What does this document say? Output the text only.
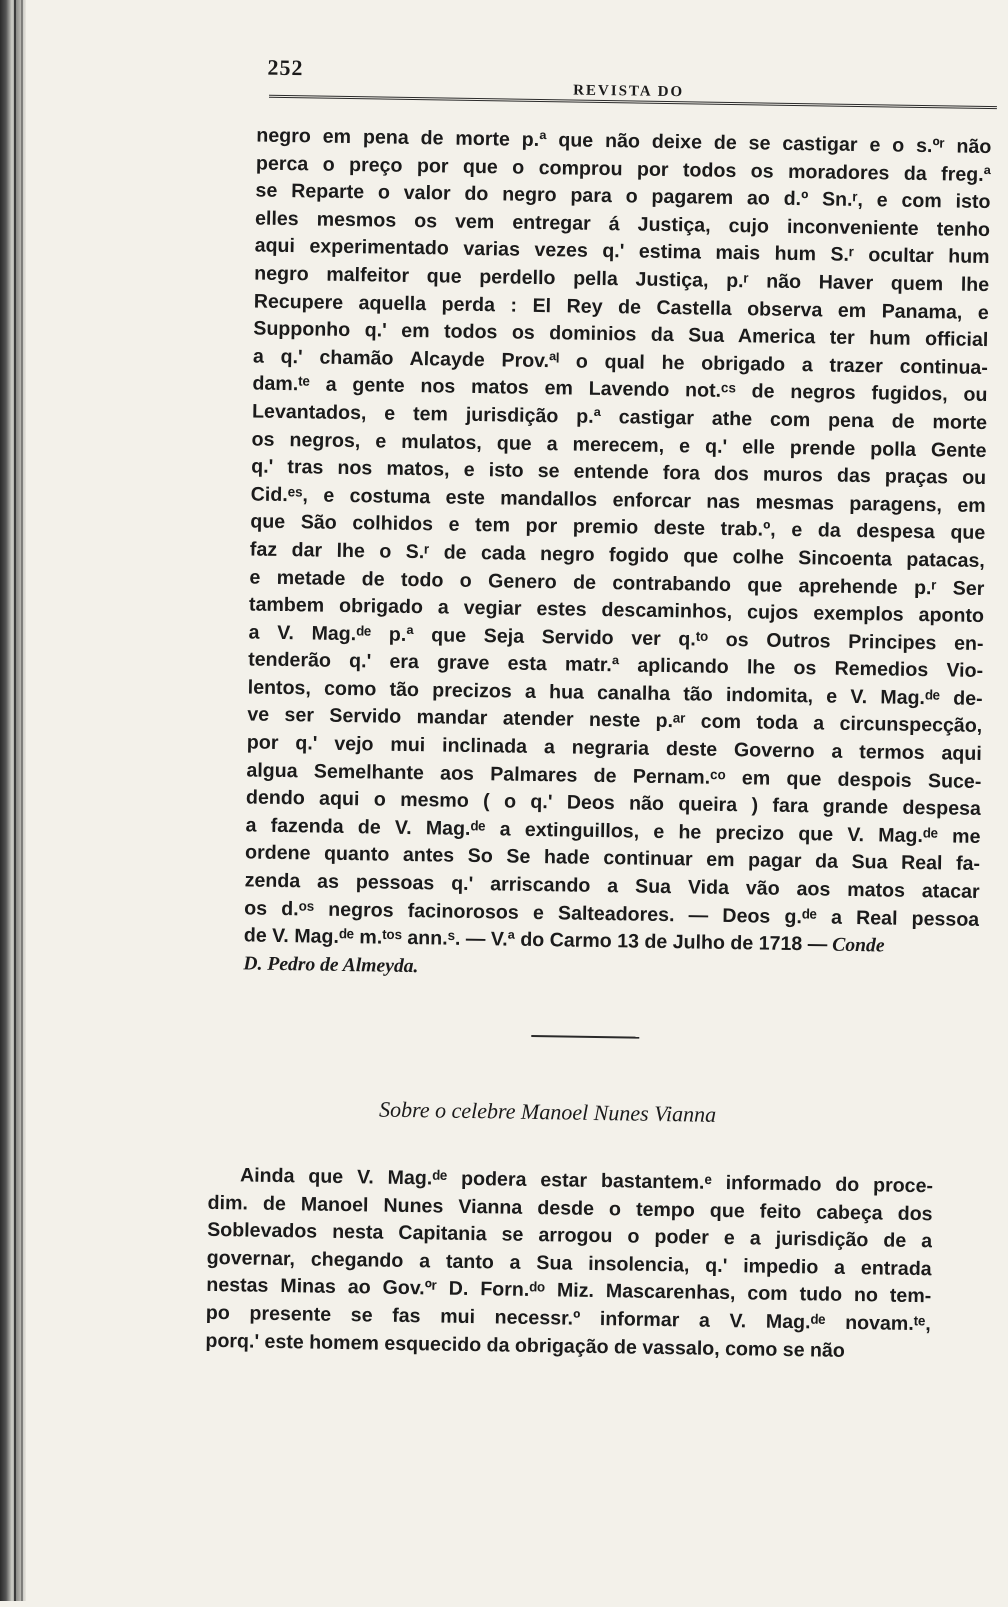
252
REVISTA DO
negro em pena de morte p.ª que não deixe de se castigar e o s.ºʳ não
perca o preço por que o comprou por todos os moradores da freg.ª
se Reparte o valor do negro para o pagarem ao d.º Sn.ʳ, e com isto
elles mesmos os vem entregar á Justiça, cujo inconveniente tenho
aqui experimentado varias vezes q.' estima mais hum S.ʳ ocultar hum
negro malfeitor que perdello pella Justiça, p.ʳ não Haver quem lhe
Recupere aquella perda : El Rey de Castella observa em Panama, e
Supponho q.' em todos os dominios da Sua America ter hum official
a q.' chamão Alcayde Prov.ªˡ o qual he obrigado a trazer continua-
dam.ᵗᵉ a gente nos matos em Lavendo not.ᶜˢ de negros fugidos, ou
Levantados, e tem jurisdição p.ª castigar athe com pena de morte
os negros, e mulatos, que a merecem, e q.' elle prende polla Gente
q.' tras nos matos, e isto se entende fora dos muros das praças ou
Cid.ᵉˢ, e costuma este mandallos enforcar nas mesmas paragens, em
que São colhidos e tem por premio deste trab.º, e da despesa que
faz dar lhe o S.ʳ de cada negro fogido que colhe Sincoenta patacas,
e metade de todo o Genero de contrabando que aprehende p.ʳ Ser
tambem obrigado a vegiar estes descaminhos, cujos exemplos aponto
a V. Mag.ᵈᵉ p.ª que Seja Servido ver q.ᵗᵒ os Outros Principes en-
tenderão q.' era grave esta matr.ª aplicando lhe os Remedios Vio-
lentos, como tão precizos a hua canalha tão indomita, e V. Mag.ᵈᵉ de-
ve ser Servido mandar atender neste p.ᵃʳ com toda a circunspecção,
por q.' vejo mui inclinada a negraria deste Governo a termos aqui
algua Semelhante aos Palmares de Pernam.ᶜᵒ em que despois Suce-
dendo aqui o mesmo ( o q.' Deos não queira ) fara grande despesa
a fazenda de V. Mag.ᵈᵉ a extinguillos, e he precizo que V. Mag.ᵈᵉ me
ordene quanto antes So Se hade continuar em pagar da Sua Real fa-
zenda as pessoas q.' arriscando a Sua Vida vão aos matos atacar
os d.ᵒˢ negros facinorosos e Salteadores. — Deos g.ᵈᵉ a Real pessoa
de V. Mag.ᵈᵉ m.ᵗᵒˢ ann.ˢ. — V.ª do Carmo 13 de Julho de 1718 — Conde
D. Pedro de Almeyda.
Sobre o celebre Manoel Nunes Vianna
Ainda que V. Mag.ᵈᵉ podera estar bastantem.ᵉ informado do proce-
dim. de Manoel Nunes Vianna desde o tempo que feito cabeça dos
Soblevados nesta Capitania se arrogou o poder e a jurisdição de a
governar, chegando a tanto a Sua insolencia, q.' impedio a entrada
nestas Minas ao Gov.ºʳ D. Forn.ᵈᵒ Miz. Mascarenhas, com tudo no tem-
po presente se fas mui necessr.º informar a V. Mag.ᵈᵉ novam.ᵗᵉ,
porq.' este homem esquecido da obrigação de vassalo, como se não
